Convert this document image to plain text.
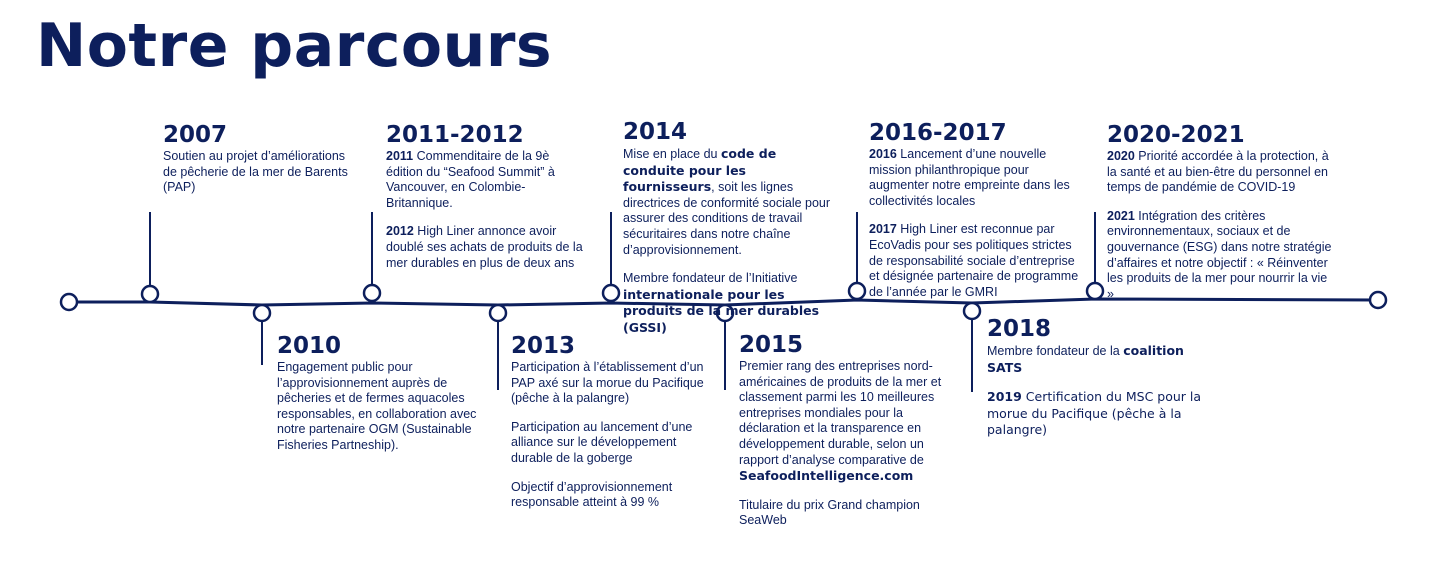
Notre parcours
2007

Soutien au projet d’améliorations de pêcherie de la mer de Barents (PAP)

2010

Engagement public pour l’approvisionnement auprès de pêcheries et de fermes aquacoles responsables, en collaboration avec notre partenaire OGM (Sustainable Fisheries Partneship).

2011-2012

2011 Commenditaire de la 9è édition du “Seafood Summit” à Vancouver, en Colombie-Britannique.

2012 High Liner annonce avoir doublé ses achats de produits de la mer durables en plus de deux ans

2013

Participation à l’établissement d’un PAP axé sur la morue du Pacifique (pêche à la palangre)

Participation au lancement d’une alliance sur le développement durable de la goberge

Objectif d’approvisionnement responsable atteint à 99 %

2014

Mise en place du code de conduite pour les fournisseurs, soit les lignes directrices de conformité sociale pour assurer des conditions de travail sécuritaires dans notre chaîne d’approvisionnement.

Membre fondateur de l’Initiative internationale pour les produits de la mer durables (GSSI)

2015

Premier rang des entreprises nord-américaines de produits de la mer et classement parmi les 10 meilleures entreprises mondiales pour la déclaration et la transparence en développement durable, selon un rapport d’analyse comparative de SeafoodIntelligence.com

Titulaire du prix Grand champion SeaWeb

2016-2017

2016 Lancement d’une nouvelle mission philanthropique pour augmenter notre empreinte dans les collectivités locales

2017 High Liner est reconnue par EcoVadis pour ses politiques strictes de responsabilité sociale d’entreprise et désignée partenaire de programme de l’année par le GMRI

2018

Membre fondateur de la coalition SATS

2019 Certification du MSC pour la morue du Pacifique (pêche à la palangre)

2020-2021

2020 Priorité accordée à la protection, à la santé et au bien-être du personnel en temps de pandémie de COVID-19

2021 Intégration des critères environnementaux, sociaux et de gouvernance (ESG) dans notre stratégie d’affaires et notre objectif : « Réinventer les produits de la mer pour nourrir la vie »
